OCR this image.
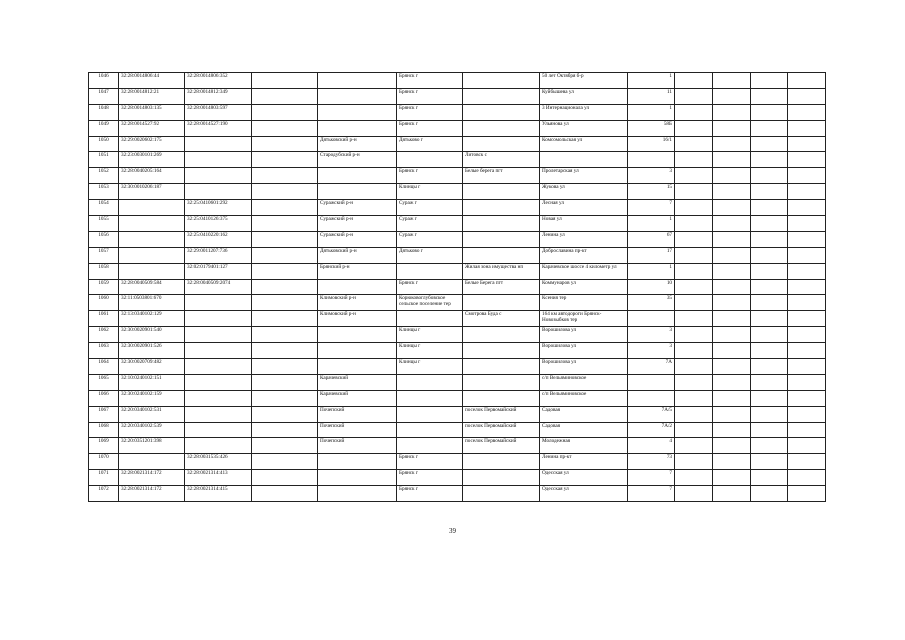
1046	32:28:0014806:44	32:28:0014806:352			Брянск г		50 лет Октября б-р	1				
1047	32:28:0014812:21	32:28:0014812:349			Брянск г		Куйбышева ул	11				
1048	32:28:0014803:135	32:28:0014803:597			Брянск г		3 Интернационала ул	1				
1049	32:28:0014527:92	32:28:0014527:190			Брянск г		Ульянова ул	58Б				
1050	32:29:0020602:175			Дятьковский р-н	Дятьково г		Комсомольская ул	16/1				
1051	32:23:0030101:269			Стародубский р-н		Литовск с						
1052	32:28:0040205:164				Брянск г	Белые берега пгт	Пролетарская ул	3				
1053	32:30:0010206:187				Клинцы г		Жукова ул	15				
1054		32:25:0410601:292		Суражский р-н	Сураж г		Лесная ул	7				
1055		32:25:0410126:375		Суражский р-н	Сураж г		Новая ул	1				
1056		32:25:0410220:162		Суражский р-н	Сураж г		Ленина ул	67				
1057		32:29:0011207:736		Дятьковский р-н	Дятьково г		Доброславина пр-кт	17				
1058		32:02:0179401:127		Брянский р-н		Жилая зона имущества нп	Карачевское шоссе 4 километр ул	1				
1059	32:28:0040509:584	32:28:0040509:2074			Брянск г	Белые Берега пгт	Коммунаров ул	10				
1060	32:11:0503801:670			Климовский р-н	Корюковоглубовское сельское поселение тер		Ксения тер	35				
1061	32:13:0340102:129			Климовский р-н		Смотрова Буда с	164 км автодороги Брянск-Новозыбков тер					
1062	32:30:0020901:540				Клинцы г		Ворошилова ул	3				
1063	32:30:0020901:526				Клинцы г		Ворошилова ул	3				
1064	32:30:0020709:482				Клинцы г		Ворошилова ул	7А				
1065	32:10:0240102:151			Карачевский			с/п Вельяминовское					
1066	32:30:0240102:159			Карачевский			с/п Вельяминовское					
1067	32:20:0340102:531			Почепский		поселок Первомайский	Садовая	7А/5				
1068	32:20:0340102:539			Почепский		поселок Первомайский	Садовая	7А/2				
1069	32:20:0351201:398			Почепский		поселок Первомайский	Молодежная	4				
1070		32:28:0031535:426			Брянск г		Ленина пр-кт	73				
1071	32:28:0021314:172	32:28:0021314:413			Брянск г		Одесская ул	7				
1072	32:28:0021314:172	32:28:0021314:415			Брянск г		Одесская ул	7				
39
